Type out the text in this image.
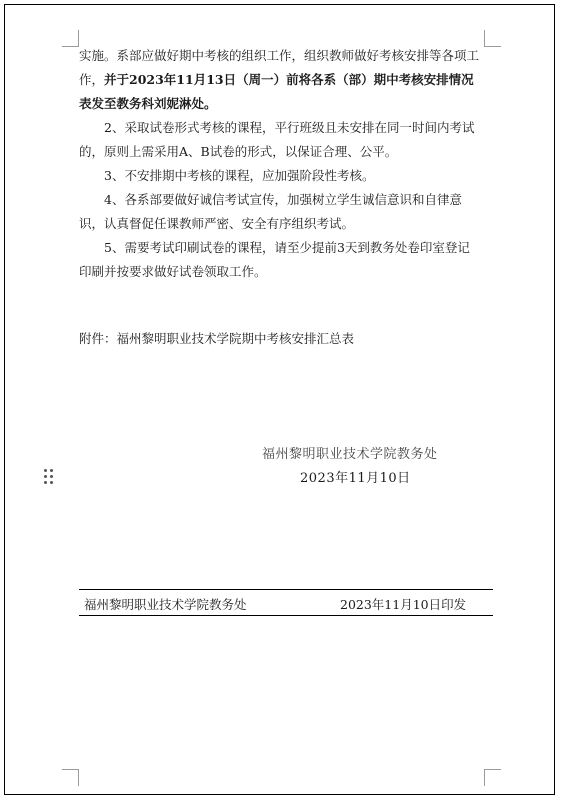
实施。系部应做好期中考核的组织工作，组织教师做好考核安排等各项工作，并于2023年11月13日（周一）前将各系（部）期中考核安排情况表发至教务科刘妮淋处。

2、采取试卷形式考核的课程，平行班级且未安排在同一时间内考试的，原则上需采用A、B试卷的形式，以保证合理、公平。

3、不安排期中考核的课程，应加强阶段性考核。

4、各系部要做好诚信考试宣传，加强树立学生诚信意识和自律意识，认真督促任课教师严密、安全有序组织考试。

5、需要考试印刷试卷的课程，请至少提前3天到教务处卷印室登记印刷并按要求做好试卷领取工作。

附件：福州黎明职业技术学院期中考核安排汇总表

福州黎明职业技术学院教务处
2023年11月10日
福州黎明职业技术学院教务处	2023年11月10日印发
